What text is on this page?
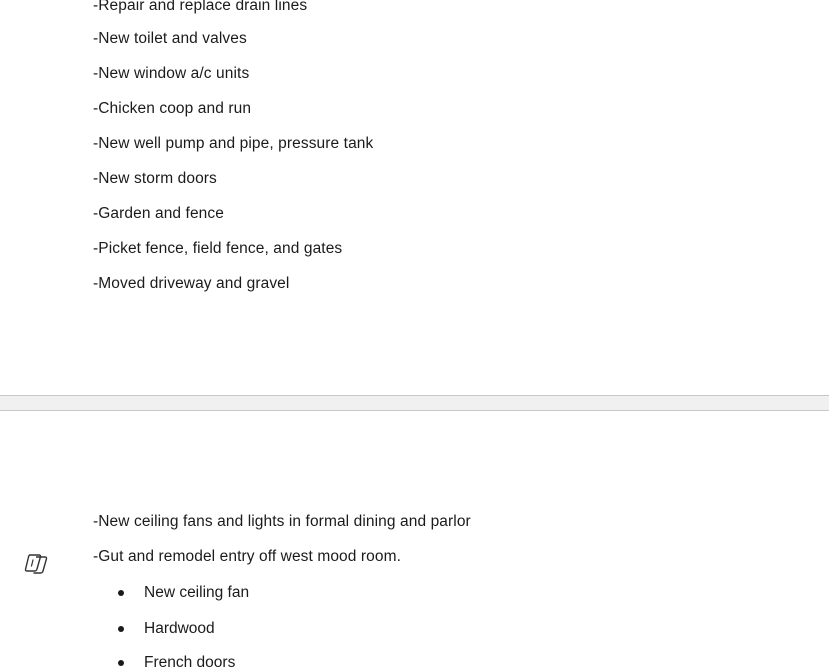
-Repair and replace drain lines
-New toilet and valves
-New window a/c units
-Chicken coop and run
-New well pump and pipe, pressure tank
-New storm doors
-Garden and fence
-Picket fence, field fence, and gates
-Moved driveway and gravel
-New ceiling fans and lights in formal dining and parlor
-Gut and remodel entry off west mood room.
New ceiling fan
Hardwood
French doors
